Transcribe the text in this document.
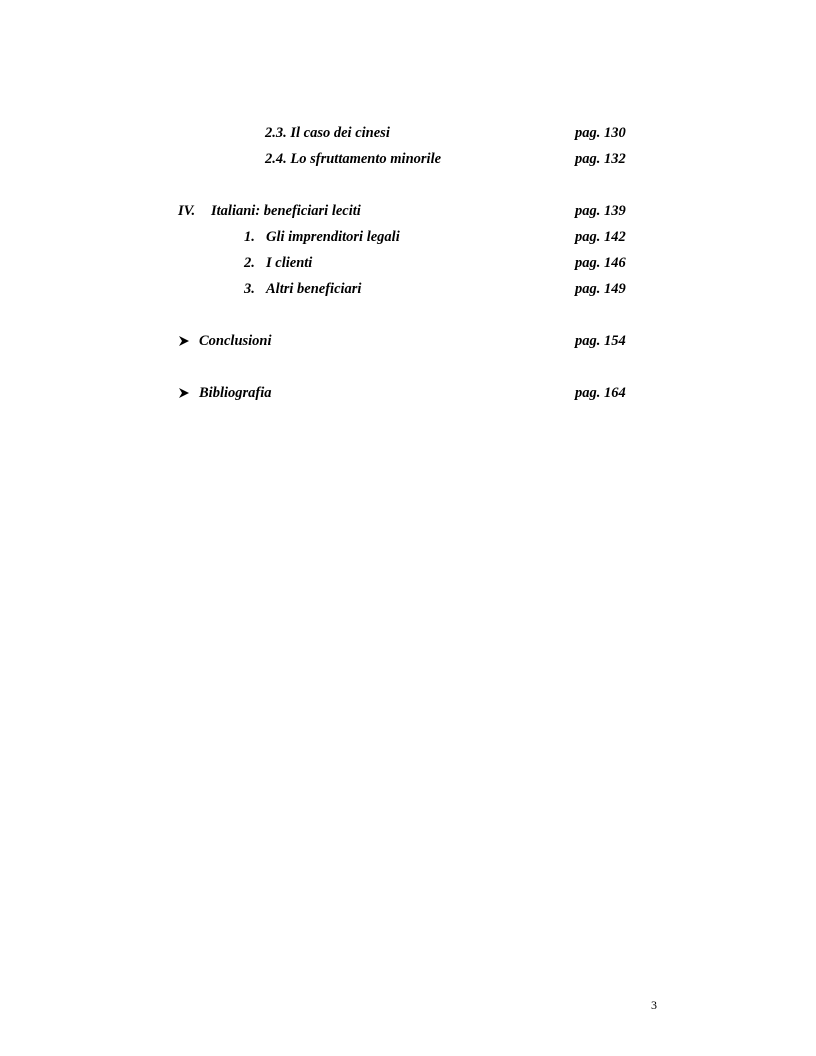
2.3. Il caso dei cinesi	pag. 130
2.4. Lo sfruttamento minorile	pag. 132
IV. Italiani: beneficiari leciti	pag. 139
1. Gli imprenditori legali	pag. 142
2. I clienti	pag. 146
3. Altri beneficiari	pag. 149
Conclusioni	pag. 154
Bibliografia	pag. 164
3
